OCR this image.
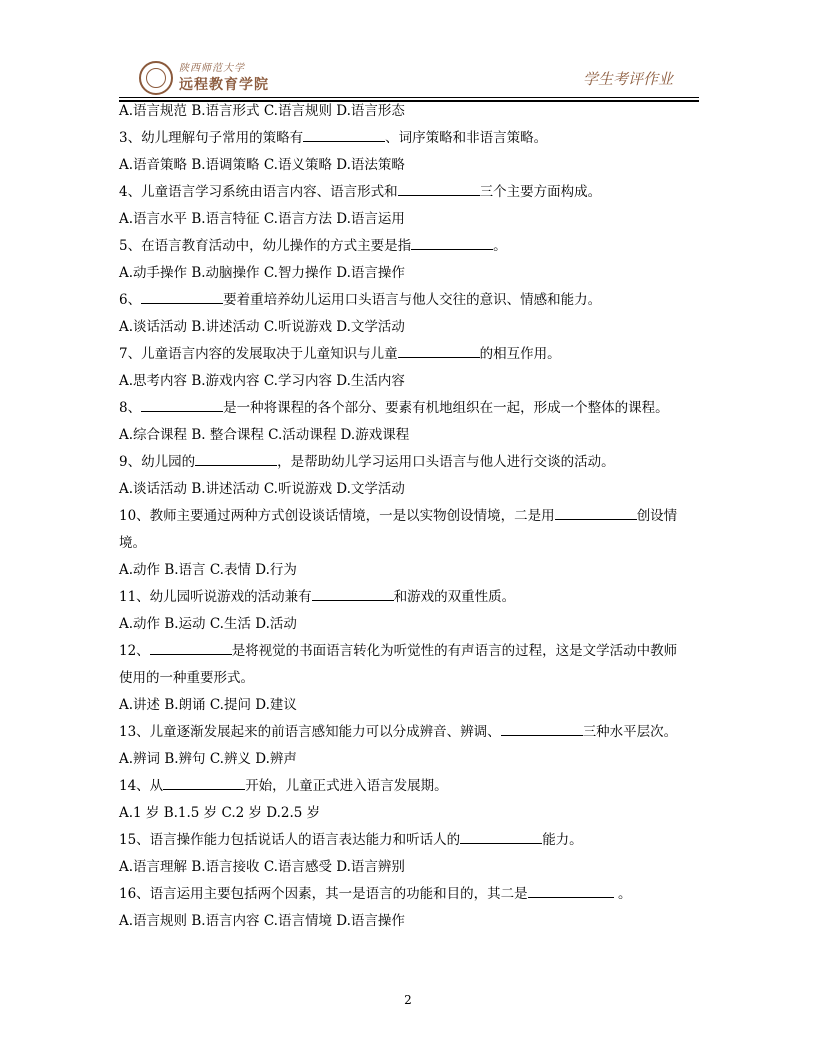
陕西师范大学
远程教育学院	学生考评作业
A.语言规范 B.语言形式 C.语言规则 D.语言形态
3、幼儿理解句子常用的策略有	、词序策略和非语言策略。
A.语音策略 B.语调策略 C.语义策略 D.语法策略
4、儿童语言学习系统由语言内容、语言形式和	三个主要方面构成。
A.语言水平 B.语言特征 C.语言方法 D.语言运用
5、在语言教育活动中，幼儿操作的方式主要是指	。
A.动手操作 B.动脑操作 C.智力操作 D.语言操作
6、	要着重培养幼儿运用口头语言与他人交往的意识、情感和能力。
A.谈话活动 B.讲述活动 C.听说游戏 D.文学活动
7、儿童语言内容的发展取决于儿童知识与儿童	的相互作用。
A.思考内容 B.游戏内容 C.学习内容 D.生活内容
8、	是一种将课程的各个部分、要素有机地组织在一起，形成一个整体的课程。
A.综合课程 B. 整合课程 C.活动课程 D.游戏课程
9、幼儿园的	，是帮助幼儿学习运用口头语言与他人进行交谈的活动。
A.谈话活动 B.讲述活动 C.听说游戏 D.文学活动
10、教师主要通过两种方式创设谈话情境，一是以实物创设情境，二是用	创设情
境。
A.动作 B.语言 C.表情 D.行为
11、幼儿园听说游戏的活动兼有	和游戏的双重性质。
A.动作 B.运动 C.生活 D.活动
12、	是将视觉的书面语言转化为听觉性的有声语言的过程，这是文学活动中教师
使用的一种重要形式。
A.讲述 B.朗诵 C.提问 D.建议
13、儿童逐渐发展起来的前语言感知能力可以分成辨音、辨调、	三种水平层次。
A.辨词 B.辨句 C.辨义 D.辨声
14、从	开始，儿童正式进入语言发展期。
A.1 岁 B.1.5 岁 C.2 岁 D.2.5 岁
15、语言操作能力包括说话人的语言表达能力和听话人的	能力。
A.语言理解 B.语言接收 C.语言感受 D.语言辨别
16、语言运用主要包括两个因素，其一是语言的功能和目的，其二是	。
A.语言规则 B.语言内容 C.语言情境 D.语言操作
2
